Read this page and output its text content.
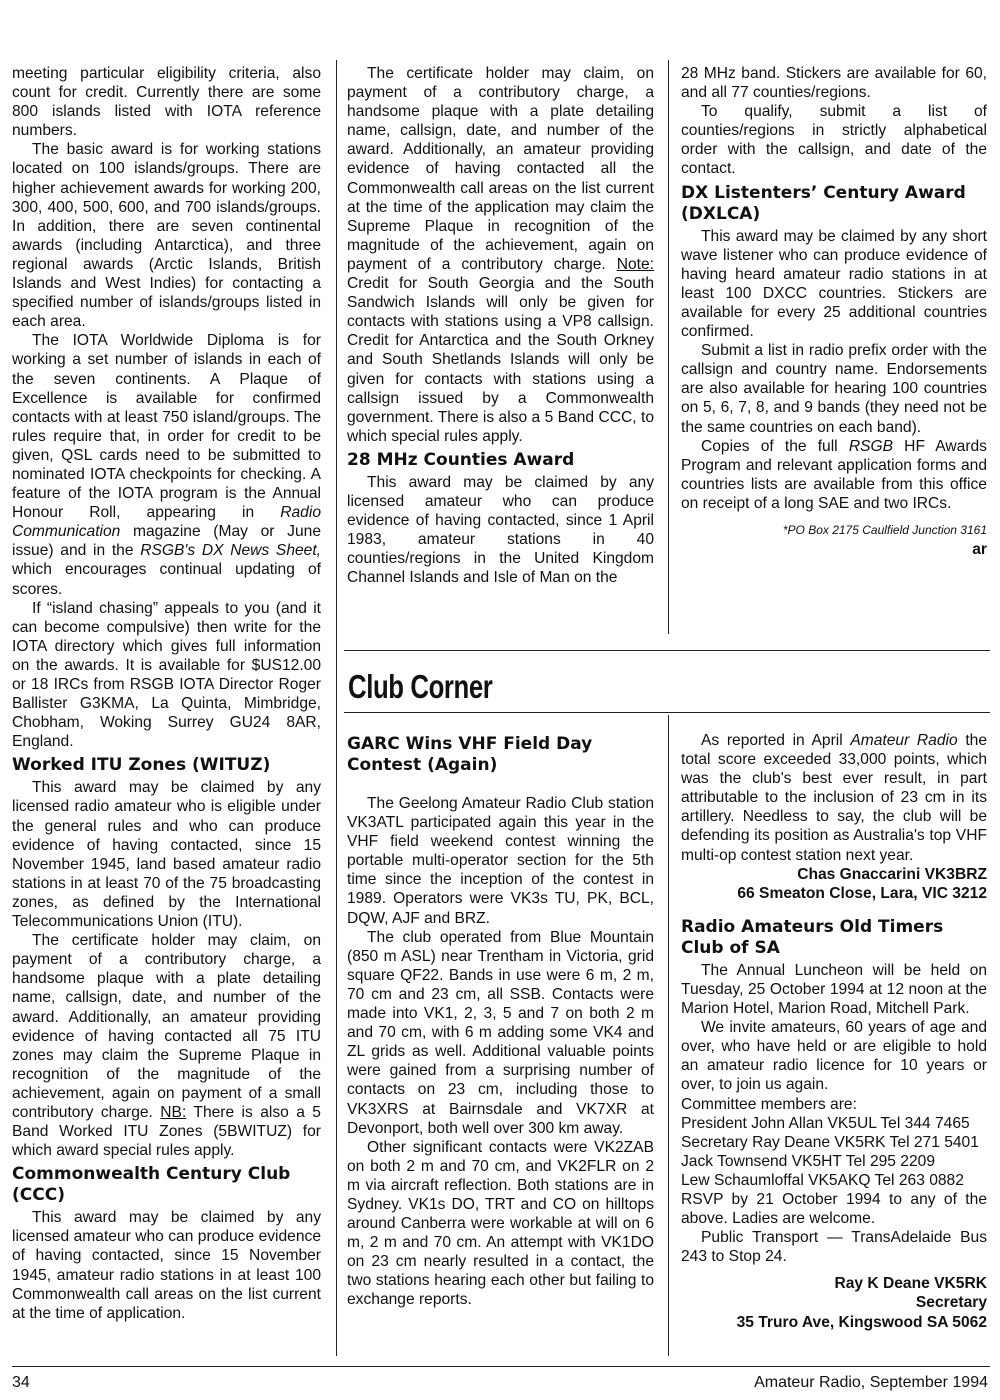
meeting particular eligibility criteria, also count for credit. Currently there are some 800 islands listed with IOTA reference numbers.

The basic award is for working stations located on 100 islands/groups. There are higher achievement awards for working 200, 300, 400, 500, 600, and 700 islands/groups. In addition, there are seven continental awards (including Antarctica), and three regional awards (Arctic Islands, British Islands and West Indies) for contacting a specified number of islands/groups listed in each area.

The IOTA Worldwide Diploma is for working a set number of islands in each of the seven continents. A Plaque of Excellence is available for confirmed contacts with at least 750 island/groups. The rules require that, in order for credit to be given, QSL cards need to be submitted to nominated IOTA checkpoints for checking. A feature of the IOTA program is the Annual Honour Roll, appearing in Radio Communication magazine (May or June issue) and in the RSGB's DX News Sheet, which encourages continual updating of scores.

If “island chasing” appeals to you (and it can become compulsive) then write for the IOTA directory which gives full information on the awards. It is available for $US12.00 or 18 IRCs from RSGB IOTA Director Roger Ballister G3KMA, La Quinta, Mimbridge, Chobham, Woking Surrey GU24 8AR, England.

Worked ITU Zones (WITUZ)

This award may be claimed by any licensed radio amateur who is eligible under the general rules and who can produce evidence of having contacted, since 15 November 1945, land based amateur radio stations in at least 70 of the 75 broadcasting zones, as defined by the International Telecommunications Union (ITU).

The certificate holder may claim, on payment of a contributory charge, a handsome plaque with a plate detailing name, callsign, date, and number of the award. Additionally, an amateur providing evidence of having contacted all 75 ITU zones may claim the Supreme Plaque in recognition of the magnitude of the achievement, again on payment of a small contributory charge. NB: There is also a 5 Band Worked ITU Zones (5BWITUZ) for which award special rules apply.

Commonwealth Century Club (CCC)

This award may be claimed by any licensed amateur who can produce evidence of having contacted, since 15 November 1945, amateur radio stations in at least 100 Commonwealth call areas on the list current at the time of application.

The certificate holder may claim, on payment of a contributory charge, a handsome plaque with a plate detailing name, callsign, date, and number of the award. Additionally, an amateur providing evidence of having contacted all the Commonwealth call areas on the list current at the time of the application may claim the Supreme Plaque in recognition of the magnitude of the achievement, again on payment of a contributory charge. Note: Credit for South Georgia and the South Sandwich Islands will only be given for contacts with stations using a VP8 callsign. Credit for Antarctica and the South Orkney and South Shetlands Islands will only be given for contacts with stations using a callsign issued by a Commonwealth government. There is also a 5 Band CCC, to which special rules apply.

28 MHz Counties Award

This award may be claimed by any licensed amateur who can produce evidence of having contacted, since 1 April 1983, amateur stations in 40 counties/regions in the United Kingdom Channel Islands and Isle of Man on the

28 MHz band. Stickers are available for 60, and all 77 counties/regions.

To qualify, submit a list of counties/regions in strictly alphabetical order with the callsign, and date of the contact.

DX Listenters’ Century Award (DXLCA)

This award may be claimed by any short wave listener who can produce evidence of having heard amateur radio stations in at least 100 DXCC countries. Stickers are available for every 25 additional countries confirmed.

Submit a list in radio prefix order with the callsign and country name. Endorsements are also available for hearing 100 countries on 5, 6, 7, 8, and 9 bands (they need not be the same countries on each band).

Copies of the full RSGB HF Awards Program and relevant application forms and countries lists are available from this office on receipt of a long SAE and two IRCs.

*PO Box 2175 Caulfield Junction 3161
ar
Club Corner
GARC Wins VHF Field Day Contest (Again)

The Geelong Amateur Radio Club station VK3ATL participated again this year in the VHF field weekend contest winning the portable multi-operator section for the 5th time since the inception of the contest in 1989. Operators were VK3s TU, PK, BCL, DQW, AJF and BRZ.

The club operated from Blue Mountain (850 m ASL) near Trentham in Victoria, grid square QF22. Bands in use were 6 m, 2 m, 70 cm and 23 cm, all SSB. Contacts were made into VK1, 2, 3, 5 and 7 on both 2 m and 70 cm, with 6 m adding some VK4 and ZL grids as well. Additional valuable points were gained from a surprising number of contacts on 23 cm, including those to VK3XRS at Bairnsdale and VK7XR at Devonport, both well over 300 km away.

Other significant contacts were VK2ZAB on both 2 m and 70 cm, and VK2FLR on 2 m via aircraft reflection. Both stations are in Sydney. VK1s DO, TRT and CO on hilltops around Canberra were workable at will on 6 m, 2 m and 70 cm. An attempt with VK1DO on 23 cm nearly resulted in a contact, the two stations hearing each other but failing to exchange reports.

As reported in April Amateur Radio the total score exceeded 33,000 points, which was the club's best ever result, in part attributable to the inclusion of 23 cm in its artillery. Needless to say, the club will be defending its position as Australia's top VHF multi-op contest station next year.

Chas Gnaccarini VK3BRZ
66 Smeaton Close, Lara, VIC 3212
Radio Amateurs Old Timers Club of SA

The Annual Luncheon will be held on Tuesday, 25 October 1994 at 12 noon at the Marion Hotel, Marion Road, Mitchell Park.

We invite amateurs, 60 years of age and over, who have held or are eligible to hold an amateur radio licence for 10 years or over, to join us again.

Committee members are:
President John Allan VK5UL Tel 344 7465
Secretary Ray Deane VK5RK Tel 271 5401
Jack Townsend VK5HT Tel 295 2209
Lew Schaumloffal VK5AKQ Tel 263 0882

RSVP by 21 October 1994 to any of the above. Ladies are welcome.

Public Transport — TransAdelaide Bus 243 to Stop 24.

Ray K Deane VK5RK
Secretary
35 Truro Ave, Kingswood SA 5062
34	Amateur Radio, September 1994
